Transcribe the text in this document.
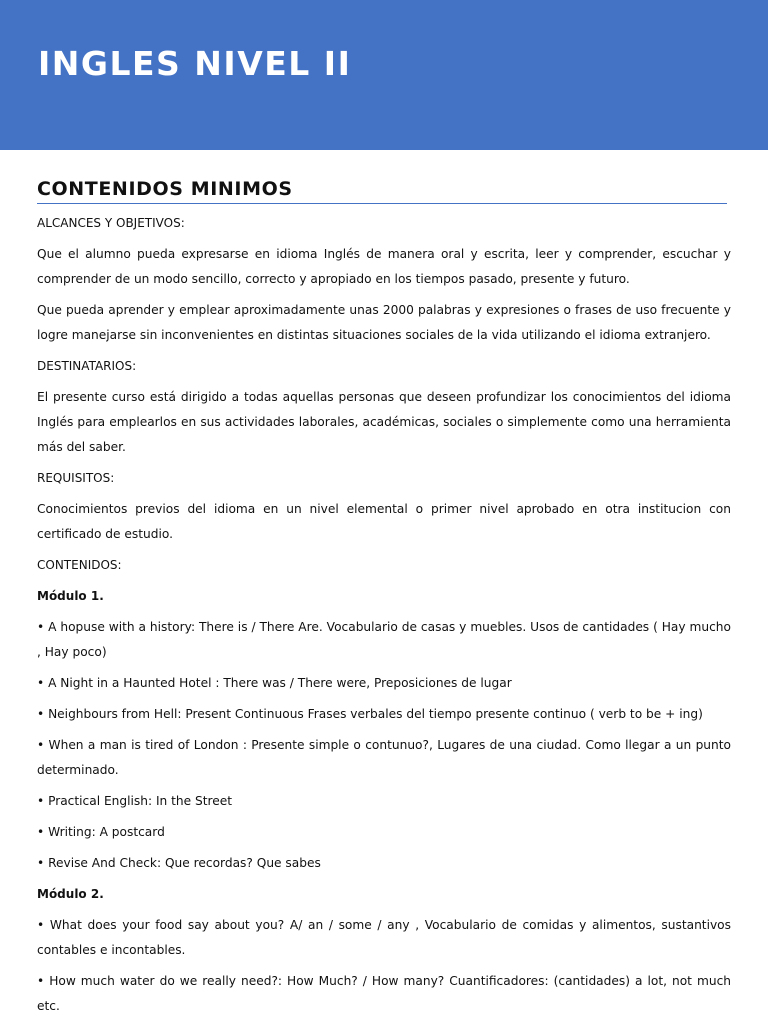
INGLES NIVEL II
CONTENIDOS MINIMOS
ALCANCES Y OBJETIVOS:

Que el alumno pueda expresarse en idioma Inglés de manera oral y escrita, leer y comprender, escuchar y comprender de un modo sencillo, correcto y apropiado en los tiempos pasado, presente y futuro.

Que pueda aprender y emplear aproximadamente unas 2000 palabras y expresiones o frases de uso frecuente y logre manejarse sin inconvenientes en distintas situaciones sociales de la vida utilizando el idioma extranjero.

DESTINATARIOS:

El presente curso está dirigido a todas aquellas personas que deseen profundizar los conocimientos del idioma Inglés para emplearlos en sus actividades laborales, académicas, sociales o simplemente como una herramienta más del saber.

REQUISITOS:

Conocimientos previos del idioma en un nivel elemental o primer nivel aprobado en otra institucion con certificado de estudio.

CONTENIDOS:
Módulo 1.

• A hopuse with a history: There is / There Are. Vocabulario de casas y muebles. Usos de cantidades ( Hay mucho , Hay poco)

• A Night in a Haunted Hotel : There was / There were, Preposiciones de lugar

• Neighbours from Hell: Present Continuous Frases verbales del tiempo presente continuo ( verb to be + ing)

• When a man is tired of London : Presente simple o contunuo?, Lugares de una ciudad. Como llegar a un punto determinado.

• Practical English: In the Street

• Writing: A postcard

• Revise And Check: Que recordas? Que sabes

Módulo 2.

• What does your food say about you? A/ an / some / any , Vocabulario de comidas y alimentos, sustantivos contables e incontables.

• How much water do we really need?: How Much? / How many? Cuantificadores: (cantidades) a lot, not much etc.
